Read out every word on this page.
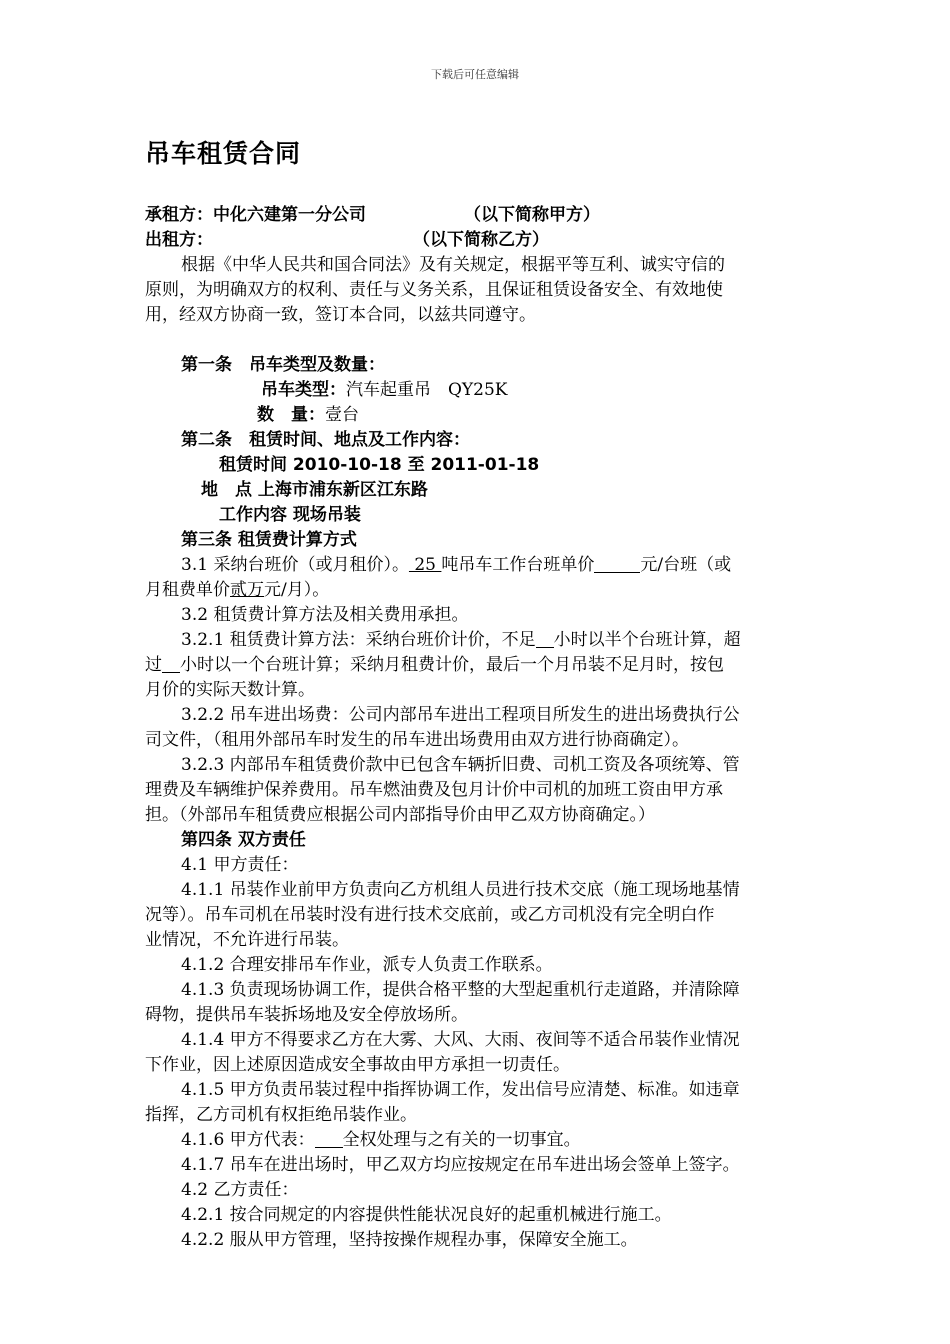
下载后可任意编辑
吊车租赁合同
承租方：中化六建第一分公司	（以下简称甲方）
出租方：	（以下简称乙方）
根据《中华人民共和国合同法》及有关规定，根据平等互利、诚实守信的
原则，为明确双方的权利、责任与义务关系，且保证租赁设备安全、有效地使
用，经双方协商一致，签订本合同，以兹共同遵守。
第一条　吊车类型及数量：
吊车类型：汽车起重吊　QY25K
数　量：壹台
第二条　租赁时间、地点及工作内容：
租赁时间 2010-10-18 至 2011-01-18
地　点 上海市浦东新区江东路
工作内容 现场吊装
第三条 租赁费计算方式
3.1 采纳台班价（或月租价）。 25 吨吊车工作台班单价	元/台班（或
月租费单价贰万元/月）。
3.2 租赁费计算方法及相关费用承担。
3.2.1 租赁费计算方法：采纳台班价计价，不足 小时以半个台班计算，超
过 小时以一个台班计算；采纳月租费计价，最后一个月吊装不足月时，按包
月价的实际天数计算。
3.2.2 吊车进出场费：公司内部吊车进出工程项目所发生的进出场费执行公
司文件，（租用外部吊车时发生的吊车进出场费用由双方进行协商确定）。
3.2.3 内部吊车租赁费价款中已包含车辆折旧费、司机工资及各项统筹、管
理费及车辆维护保养费用。吊车燃油费及包月计价中司机的加班工资由甲方承
担。（外部吊车租赁费应根据公司内部指导价由甲乙双方协商确定。）
第四条 双方责任
4.1 甲方责任：
4.1.1 吊装作业前甲方负责向乙方机组人员进行技术交底（施工现场地基情
况等）。吊车司机在吊装时没有进行技术交底前，或乙方司机没有完全明白作
业情况，不允许进行吊装。
4.1.2 合理安排吊车作业，派专人负责工作联系。
4.1.3 负责现场协调工作，提供合格平整的大型起重机行走道路，并清除障
碍物，提供吊车装拆场地及安全停放场所。
4.1.4 甲方不得要求乙方在大雾、大风、大雨、夜间等不适合吊装作业情况
下作业，因上述原因造成安全事故由甲方承担一切责任。
4.1.5 甲方负责吊装过程中指挥协调工作，发出信号应清楚、标准。如违章
指挥，乙方司机有权拒绝吊装作业。
4.1.6 甲方代表： 全权处理与之有关的一切事宜。
4.1.7 吊车在进出场时，甲乙双方均应按规定在吊车进出场会签单上签字。
4.2 乙方责任：
4.2.1 按合同规定的内容提供性能状况良好的起重机械进行施工。
4.2.2 服从甲方管理，坚持按操作规程办事，保障安全施工。
